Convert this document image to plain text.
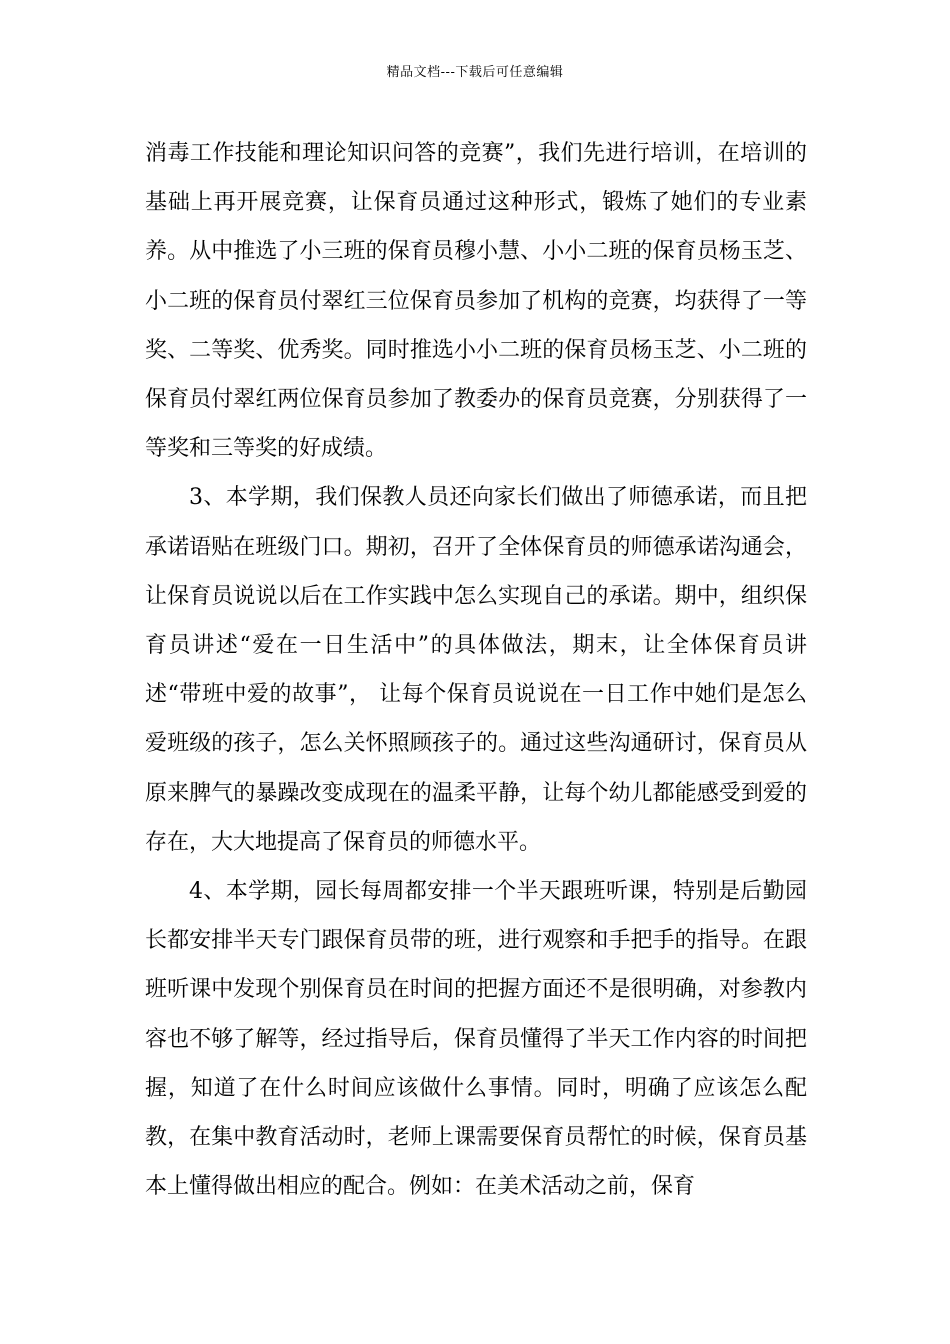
精品文档---下载后可任意编辑

消毒工作技能和理论知识问答的竞赛”，我们先进行培训，在培训的基础上再开展竞赛，让保育员通过这种形式，锻炼了她们的专业素养。从中推选了小三班的保育员穆小慧、小小二班的保育员杨玉芝、小二班的保育员付翠红三位保育员参加了机构的竞赛，均获得了一等奖、二等奖、优秀奖。同时推选小小二班的保育员杨玉芝、小二班的保育员付翠红两位保育员参加了教委办的保育员竞赛，分别获得了一等奖和三等奖的好成绩。

3、本学期，我们保教人员还向家长们做出了师德承诺，而且把承诺语贴在班级门口。期初，召开了全体保育员的师德承诺沟通会，让保育员说说以后在工作实践中怎么实现自己的承诺。期中，组织保育员讲述“爱在一日生活中”的具体做法，期末，让全体保育员讲述“带班中爱的故事”， 让每个保育员说说在一日工作中她们是怎么爱班级的孩子，怎么关怀照顾孩子的。通过这些沟通研讨，保育员从原来脾气的暴躁改变成现在的温柔平静，让每个幼儿都能感受到爱的存在，大大地提高了保育员的师德水平。

4、本学期，园长每周都安排一个半天跟班听课，特别是后勤园长都安排半天专门跟保育员带的班，进行观察和手把手的指导。在跟班听课中发现个别保育员在时间的把握方面还不是很明确，对参教内容也不够了解等，经过指导后，保育员懂得了半天工作内容的时间把握，知道了在什么时间应该做什么事情。同时，明确了应该怎么配教，在集中教育活动时，老师上课需要保育员帮忙的时候，保育员基本上懂得做出相应的配合。例如：在美术活动之前，保育
